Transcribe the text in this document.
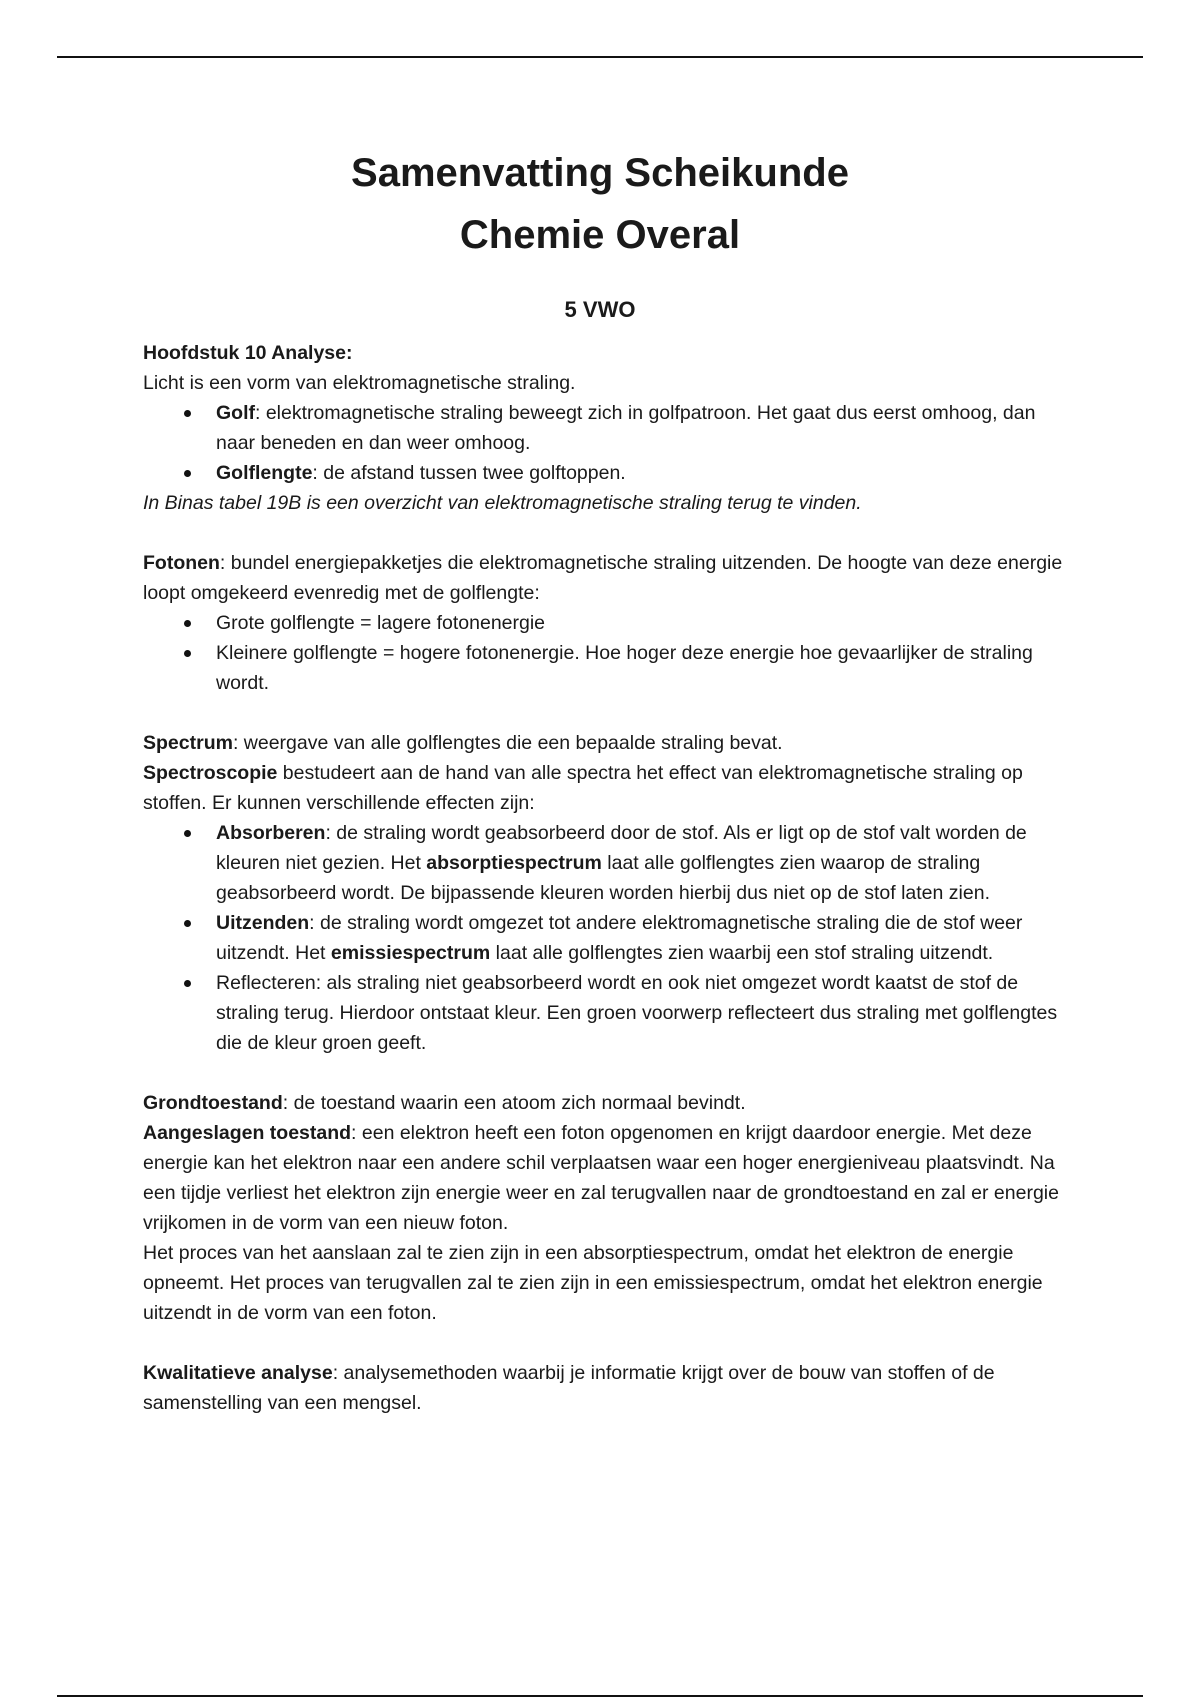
Samenvatting Scheikunde
Chemie Overal

5 VWO

Hoofdstuk 10 Analyse:

Licht is een vorm van elektromagnetische straling.

Golf: elektromagnetische straling beweegt zich in golfpatroon. Het gaat dus eerst omhoog, dan naar beneden en dan weer omhoog.
Golflengte: de afstand tussen twee golftoppen.

In Binas tabel 19B is een overzicht van elektromagnetische straling terug te vinden.

Fotonen: bundel energiepakketjes die elektromagnetische straling uitzenden. De hoogte van deze energie loopt omgekeerd evenredig met de golflengte:

Grote golflengte = lagere fotonenergie
Kleinere golflengte = hogere fotonenergie. Hoe hoger deze energie hoe gevaarlijker de straling wordt.

Spectrum: weergave van alle golflengtes die een bepaalde straling bevat.

Spectroscopie bestudeert aan de hand van alle spectra het effect van elektromagnetische straling op stoffen. Er kunnen verschillende effecten zijn:

Absorberen: de straling wordt geabsorbeerd door de stof. Als er ligt op de stof valt worden de kleuren niet gezien. Het absorptiespectrum laat alle golflengtes zien waarop de straling geabsorbeerd wordt. De bijpassende kleuren worden hierbij dus niet op de stof laten zien.
Uitzenden: de straling wordt omgezet tot andere elektromagnetische straling die de stof weer uitzendt. Het emissiespectrum laat alle golflengtes zien waarbij een stof straling uitzendt.
Reflecteren: als straling niet geabsorbeerd wordt en ook niet omgezet wordt kaatst de stof de straling terug. Hierdoor ontstaat kleur. Een groen voorwerp reflecteert dus straling met golflengtes die de kleur groen geeft.

Grondtoestand: de toestand waarin een atoom zich normaal bevindt.

Aangeslagen toestand: een elektron heeft een foton opgenomen en krijgt daardoor energie. Met deze energie kan het elektron naar een andere schil verplaatsen waar een hoger energieniveau plaatsvindt. Na een tijdje verliest het elektron zijn energie weer en zal terugvallen naar de grondtoestand en zal er energie vrijkomen in de vorm van een nieuw foton.

Het proces van het aanslaan zal te zien zijn in een absorptiespectrum, omdat het elektron de energie opneemt. Het proces van terugvallen zal te zien zijn in een emissiespectrum, omdat het elektron energie uitzendt in de vorm van een foton.

Kwalitatieve analyse: analysemethoden waarbij je informatie krijgt over de bouw van stoffen of de samenstelling van een mengsel.
